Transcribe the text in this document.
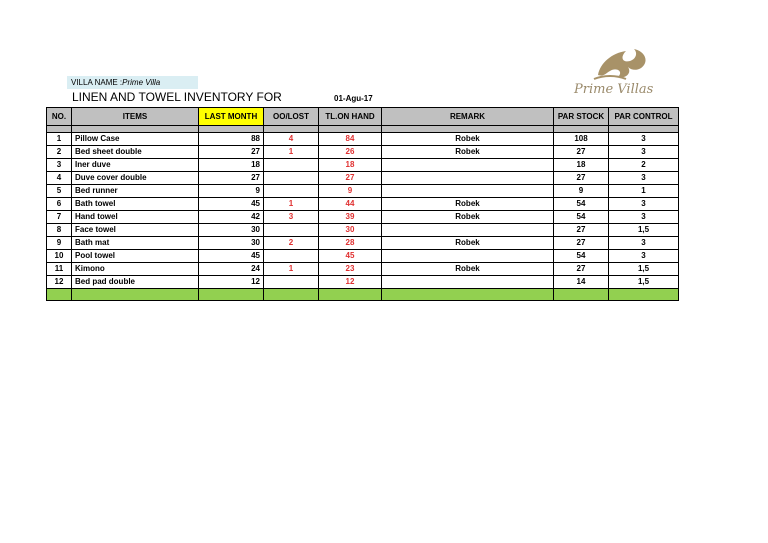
VILLA NAME :Prime Villa
LINEN AND TOWEL INVENTORY FOR	01-Agu-17
Prime Villas
NO.	ITEMS	LAST MONTH	OO/LOST	TL.ON HAND	REMARK	PAR STOCK	PAR CONTROL

1	Pillow Case	88	4	84	Robek	108	3
2	Bed sheet double	27	1	26	Robek	27	3
3	Iner duve	18		18		18	2
4	Duve cover double	27		27		27	3
5	Bed runner	9		9		9	1
6	Bath towel	45	1	44	Robek	54	3
7	Hand towel	42	3	39	Robek	54	3
8	Face towel	30		30		27	1,5
9	Bath mat	30	2	28	Robek	27	3
10	Pool towel	45		45		54	3
11	Kimono	24	1	23	Robek	27	1,5
12	Bed pad double	12		12		14	1,5
